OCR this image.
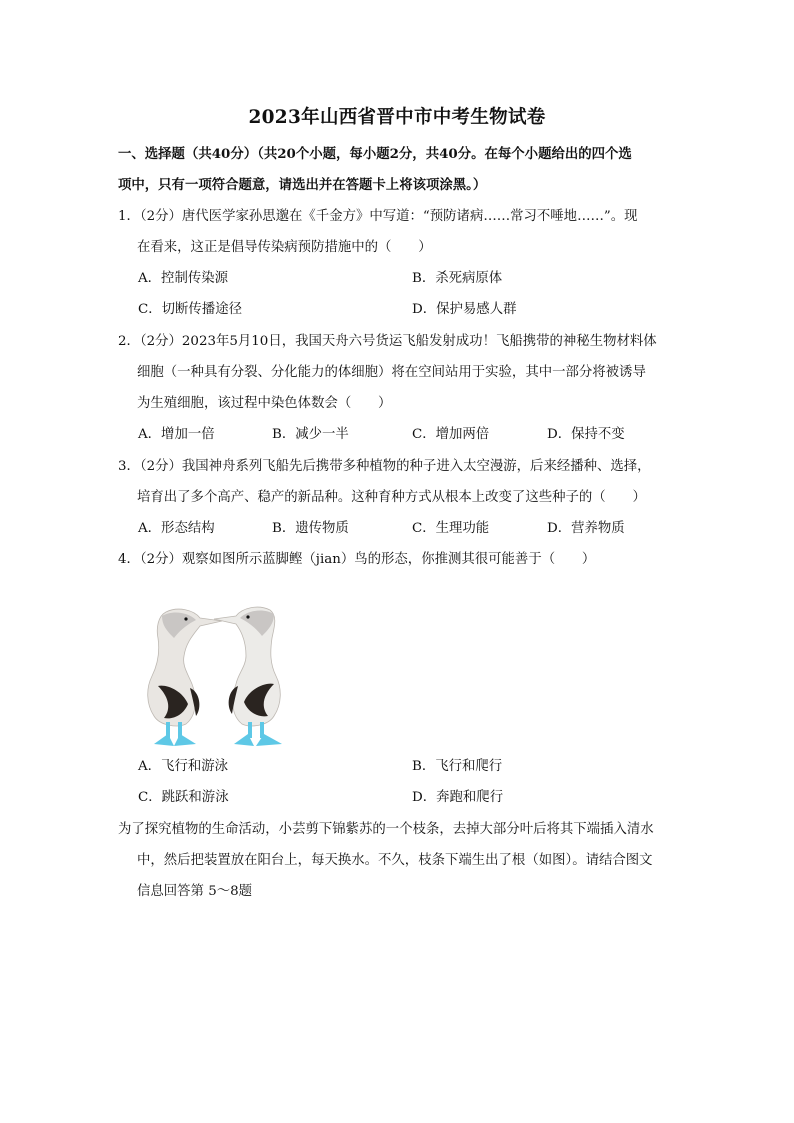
2023年山西省晋中市中考生物试卷
一、选择题（共40分）（共20个小题，每小题2分，共40分。在每个小题给出的四个选
项中，只有一项符合题意，请选出并在答题卡上将该项涂黑。）
1．（2分）唐代医学家孙思邈在《千金方》中写道：“预防诸病……常习不唾地……”。现
在看来，这正是倡导传染病预防措施中的（　　）
A．控制传染源	B．杀死病原体
C．切断传播途径	D．保护易感人群
2．（2分）2023年5月10日，我国天舟六号货运飞船发射成功！飞船携带的神秘生物材料体
细胞（一种具有分裂、分化能力的体细胞）将在空间站用于实验，其中一部分将被诱导
为生殖细胞，该过程中染色体数会（　　）
A．增加一倍	B．减少一半	C．增加两倍	D．保持不变
3．（2分）我国神舟系列飞船先后携带多种植物的种子进入太空漫游，后来经播种、选择，
培育出了多个高产、稳产的新品种。这种育种方式从根本上改变了这些种子的（　　）
A．形态结构	B．遗传物质	C．生理功能	D．营养物质
4．（2分）观察如图所示蓝脚鲣（jian）鸟的形态，你推测其很可能善于（　　）
A．飞行和游泳	B．飞行和爬行
C．跳跃和游泳	D．奔跑和爬行
为了探究植物的生命活动，小芸剪下锦紫苏的一个枝条，去掉大部分叶后将其下端插入清水
中，然后把装置放在阳台上，每天换水。不久，枝条下端生出了根（如图）。请结合图文
信息回答第 5～8题
